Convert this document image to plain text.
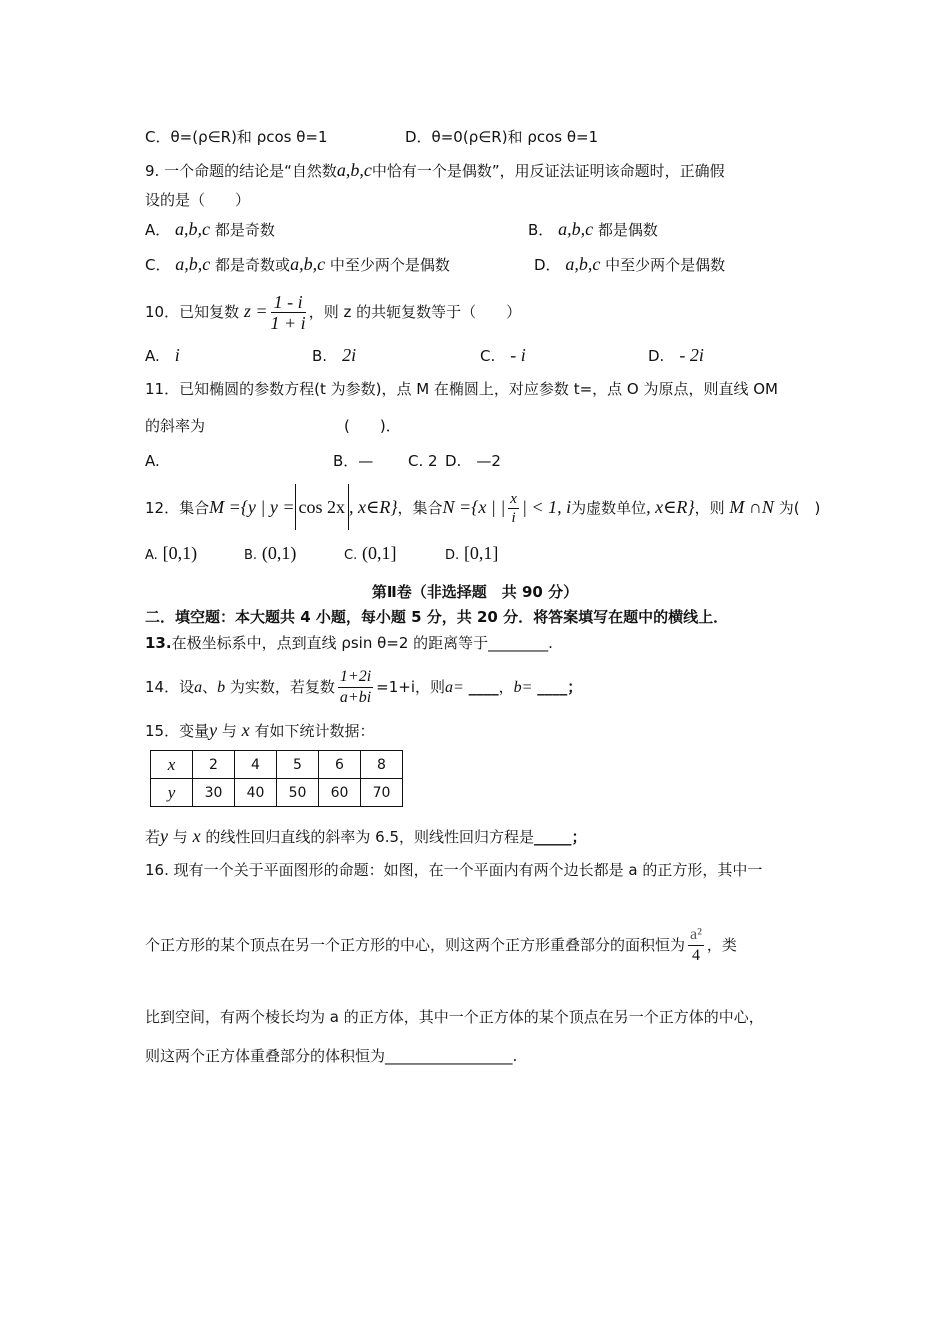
C．θ=(ρ∈R)和 ρcos θ=1	D．θ=0(ρ∈R)和 ρcos θ=1
9. 一个命题的结论是“自然数a,b,c中恰有一个是偶数”，用反证法证明该命题时，正确假
设的是（　　）
A． a,b,c 都是奇数	B． a,b,c 都是偶数
C． a,b,c 都是奇数或a,b,c 中至少两个是偶数	D． a,b,c 中至少两个是偶数
10．已知复数 $z = \frac{1 - i}{1 + i}$ ，则 z 的共轭复数等于（　　）
A.　 i	B.　 2i	C.　 - i	D.　 - 2i
11．已知椭圆的参数方程(t 为参数)，点 M 在椭圆上，对应参数 t=，点 O 为原点，则直线 OM
的斜率为	(　　)．
A.	B．— C. 2 D.　—2
12．集合M ={y | y = cos 2x , x∈R}，集合N ={x | | $\frac{x}{i}$ | < 1, i为虚数单位, x∈R}，则 M ∩N 为(　)
A. [0,1)	B. (0,1)	C. (0,1]	D. [0,1]
第Ⅱ卷（非选择题　共 90 分）
二．填空题：本大题共 4 小题，每小题 5 分，共 20 分．将答案填写在题中的横线上．
13.在极坐标系中，点到直线 ρsin θ=2 的距离等于________.
14．设a、b 为实数，若复数 $\frac{1+2i}{a+bi} =1+i$，则a= ____，b= ____；
15．变量y 与 x 有如下统计数据：
x	2	4	5	6	8
y	30	40	50	60	70
若y 与 x 的线性回归直线的斜率为 6.5，则线性回归方程是_____；
16. 现有一个关于平面图形的命题：如图，在一个平面内有两个边长都是 a 的正方形，其中一
个正方形的某个顶点在另一个正方形的中心，则这两个正方形重叠部分的面积恒为 $\frac{\text{a²}}{4}$ ，类
比到空间，有两个棱长均为 a 的正方体，其中一个正方体的某个顶点在另一个正方体的中心，
则这两个正方体重叠部分的体积恒为_________________.
